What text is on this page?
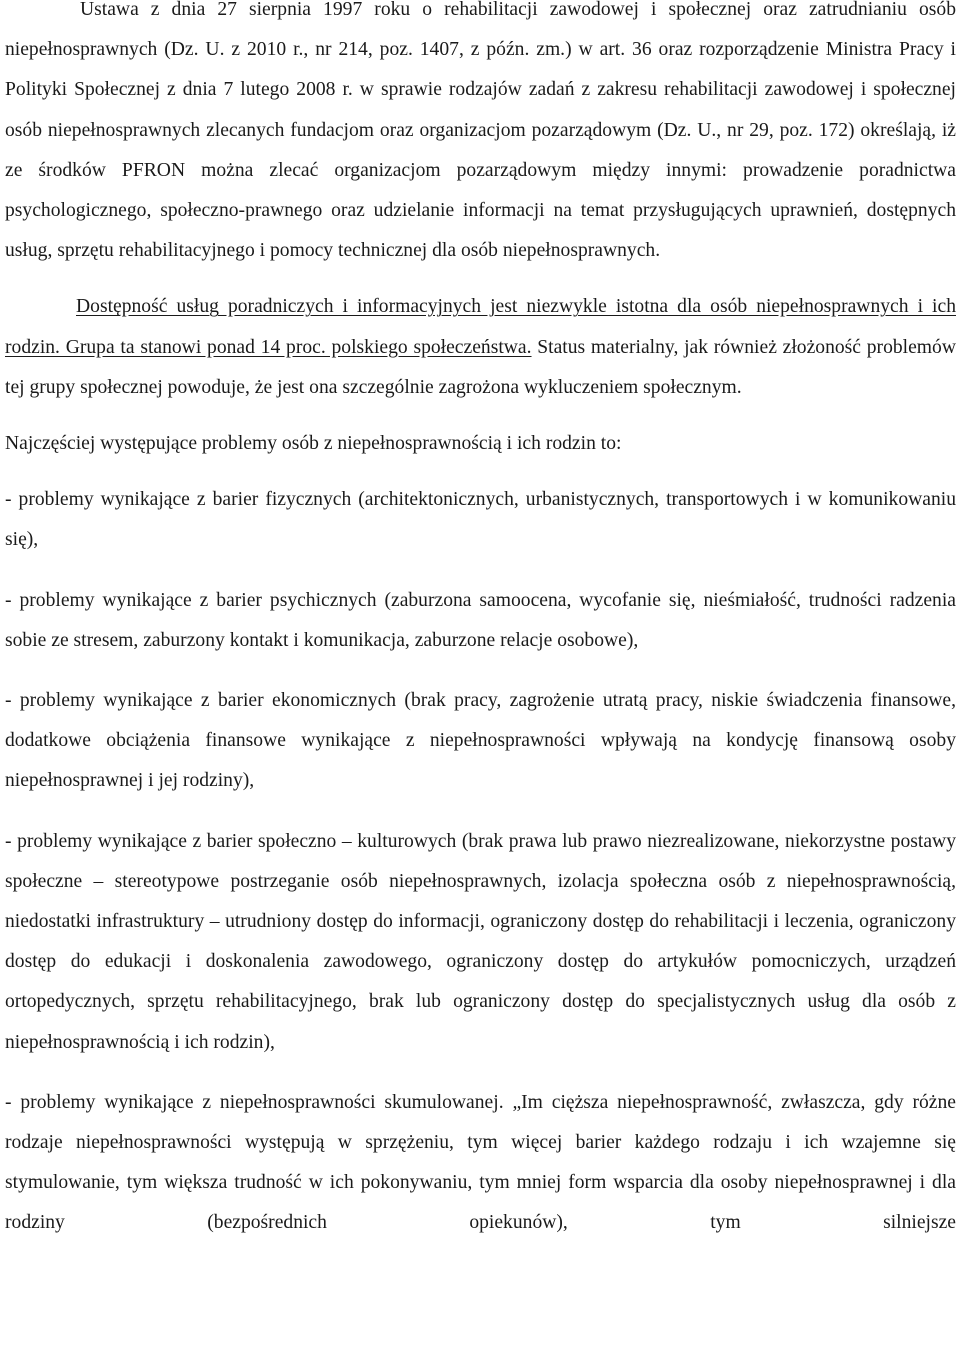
Ustawa z dnia 27 sierpnia 1997 roku o rehabilitacji zawodowej i społecznej oraz zatrudnianiu osób niepełnosprawnych (Dz. U. z 2010 r., nr 214, poz. 1407, z późn. zm.) w art. 36 oraz rozporządzenie Ministra Pracy i Polityki Społecznej z dnia 7 lutego 2008 r. w sprawie rodzajów zadań z zakresu rehabilitacji zawodowej i społecznej osób niepełnosprawnych zlecanych fundacjom oraz organizacjom pozarządowym (Dz. U., nr 29, poz. 172) określają, iż ze środków PFRON można zlecać organizacjom pozarządowym między innymi: prowadzenie poradnictwa psychologicznego, społeczno-prawnego oraz udzielanie informacji na temat przysługujących uprawnień, dostępnych usług, sprzętu rehabilitacyjnego i pomocy technicznej dla osób niepełnosprawnych.

Dostępność usług poradniczych i informacyjnych jest niezwykle istotna dla osób niepełnosprawnych i ich rodzin. Grupa ta stanowi ponad 14 proc. polskiego społeczeństwa. Status materialny, jak również złożoność problemów tej grupy społecznej powoduje, że jest ona szczególnie zagrożona wykluczeniem społecznym.

Najczęściej występujące problemy osób z niepełnosprawnością i ich rodzin to:

- problemy wynikające z barier fizycznych (architektonicznych, urbanistycznych, transportowych i w komunikowaniu się),

- problemy wynikające z barier psychicznych (zaburzona samoocena, wycofanie się, nieśmiałość, trudności radzenia sobie ze stresem, zaburzony kontakt i komunikacja, zaburzone relacje osobowe),

- problemy wynikające z barier ekonomicznych (brak pracy, zagrożenie utratą pracy, niskie świadczenia finansowe, dodatkowe obciążenia finansowe wynikające z niepełnosprawności wpływają na kondycję finansową osoby niepełnosprawnej i jej rodziny),

- problemy wynikające z barier społeczno – kulturowych (brak prawa lub prawo niezrealizowane, niekorzystne postawy społeczne – stereotypowe postrzeganie osób niepełnosprawnych, izolacja społeczna osób z niepełnosprawnością, niedostatki infrastruktury – utrudniony dostęp do informacji, ograniczony dostęp do rehabilitacji i leczenia, ograniczony dostęp do edukacji i doskonalenia zawodowego, ograniczony dostęp do artykułów pomocniczych, urządzeń ortopedycznych, sprzętu rehabilitacyjnego, brak lub ograniczony dostęp do specjalistycznych usług dla osób z niepełnosprawnością i ich rodzin),

- problemy wynikające z niepełnosprawności skumulowanej. „Im cięższa niepełnosprawność, zwłaszcza, gdy różne rodzaje niepełnosprawności występują w sprzężeniu, tym więcej barier każdego rodzaju i ich wzajemne się stymulowanie, tym większa trudność w ich pokonywaniu, tym mniej form wsparcia dla osoby niepełnosprawnej i dla rodziny (bezpośrednich opiekunów), tym silniejsze
